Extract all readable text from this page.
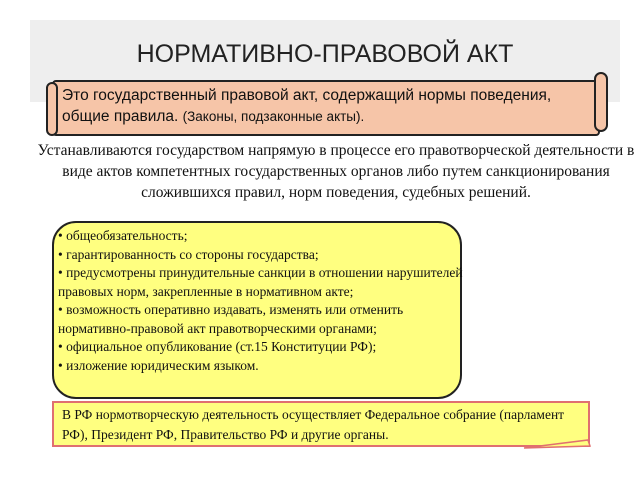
НОРМАТИВНО-ПРАВОВОЙ АКТ
Это государственный правовой акт, содержащий нормы поведения, общие правила. (Законы, подзаконные акты).
Устанавливаются государством напрямую в процессе его правотворческой деятельности в виде актов компетентных государственных органов либо путем санкционирования сложившихся правил, норм поведения, судебных решений.
• общеобязательность;
• гарантированность со стороны государства;
• предусмотрены принудительные санкции в отношении нарушителей правовых норм, закрепленные в нормативном акте;
• возможность оперативно издавать, изменять или отменить нормативно-правовой акт правотворческими органами;
• официальное опубликование (ст.15 Конституции РФ);
• изложение юридическим языком.
В РФ нормотворческую деятельность осуществляет Федеральное собрание (парламент РФ), Президент РФ, Правительство РФ и другие органы.
